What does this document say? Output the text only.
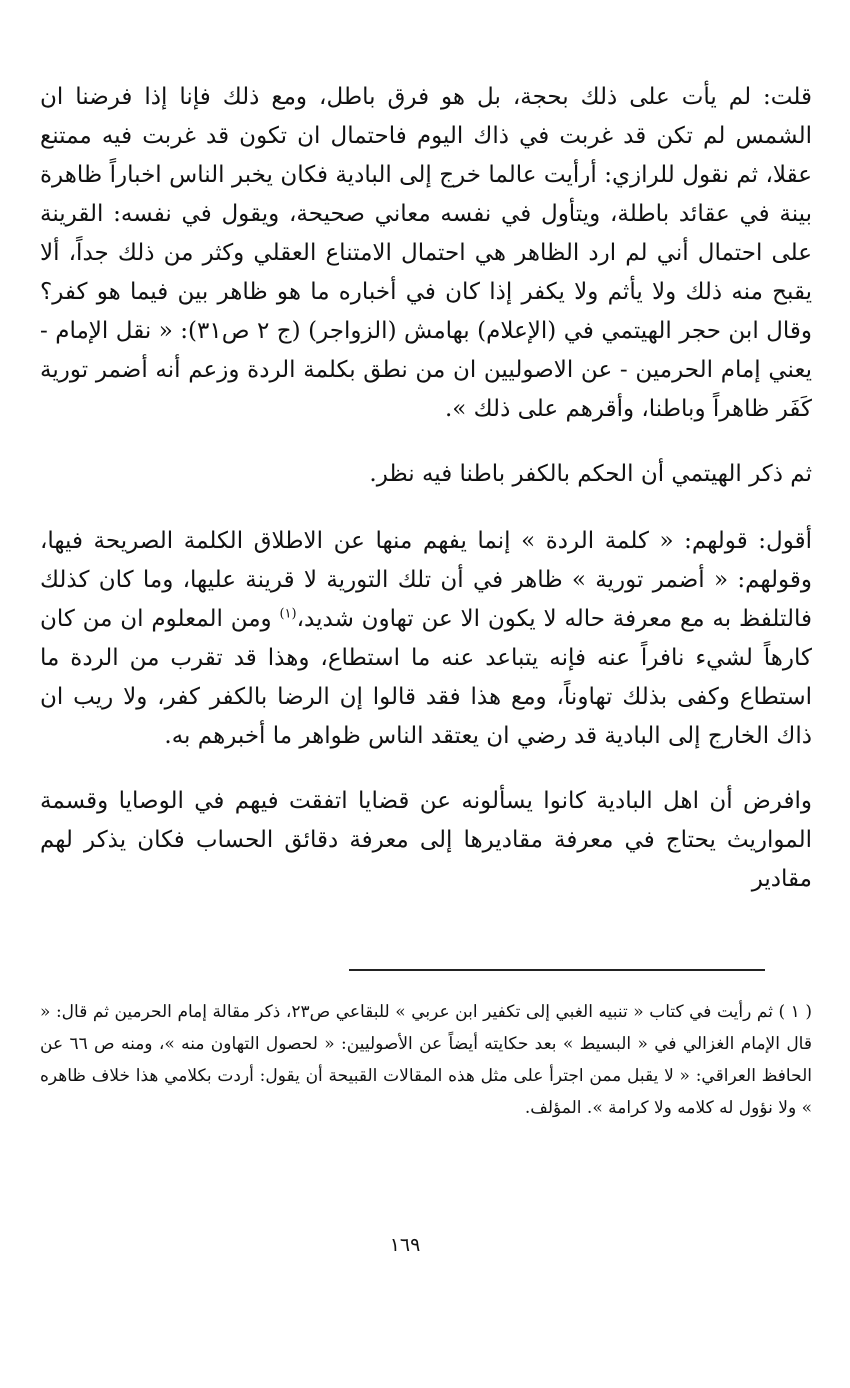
قلت: لم يأت على ذلك بحجة، بل هو فرق باطل، ومع ذلك فإنا إذا فرضنا ان الشمس لم تكن قد غربت في ذاك اليوم فاحتمال ان تكون قد غربت فيه ممتنع عقلا، ثم نقول للرازي: أرأيت عالما خرج إلى البادية فكان يخبر الناس اخباراً ظاهرة بينة في عقائد باطلة، ويتأول في نفسه معاني صحيحة، ويقول في نفسه: القرينة على احتمال أني لم ارد الظاهر هي احتمال الامتناع العقلي وكثر من ذلك جداً، ألا يقبح منه ذلك ولا يأثم ولا يكفر إذا كان في أخباره ما هو ظاهر بين فيما هو كفر؟ وقال ابن حجر الهيتمي في (الإعلام) بهامش (الزواجر) (ج ٢ ص٣١): « نقل الإمام - يعني إمام الحرمين - عن الاصوليين ان من نطق بكلمة الردة وزعم أنه أضمر تورية كَفَر ظاهراً وباطنا، وأقرهم على ذلك ».

ثم ذكر الهيتمي أن الحكم بالكفر باطنا فيه نظر.

أقول: قولهم: « كلمة الردة » إنما يفهم منها عن الاطلاق الكلمة الصريحة فيها، وقولهم: « أضمر تورية » ظاهر في أن تلك التورية لا قرينة عليها، وما كان كذلك فالتلفظ به مع معرفة حاله لا يكون الا عن تهاون شديد،$^{(١)}$ ومن المعلوم ان من كان كارهاً لشيء نافراً عنه فإنه يتباعد عنه ما استطاع، وهذا قد تقرب من الردة ما استطاع وكفى بذلك تهاوناً، ومع هذا فقد قالوا إن الرضا بالكفر كفر، ولا ريب ان ذاك الخارج إلى البادية قد رضي ان يعتقد الناس ظواهر ما أخبرهم به.

وافرض أن اهل البادية كانوا يسألونه عن قضايا اتفقت فيهم في الوصايا وقسمة المواريث يحتاج في معرفة مقاديرها إلى معرفة دقائق الحساب فكان يذكر لهم مقادير

( ١ ) ثم رأيت في كتاب « تنبيه الغبي إلى تكفير ابن عربي » للبقاعي ص٢٣، ذكر مقالة إمام الحرمين ثم قال: « قال الإمام الغزالي في « البسيط » بعد حكايته أيضاً عن الأصوليين: « لحصول التهاون منه »، ومنه ص ٦٦ عن الحافظ العراقي: « لا يقبل ممن اجترأ على مثل هذه المقالات القبيحة أن يقول: أردت بكلامي هذا خلاف ظاهره » ولا نؤول له كلامه ولا كرامة ». المؤلف.

١٦٩
